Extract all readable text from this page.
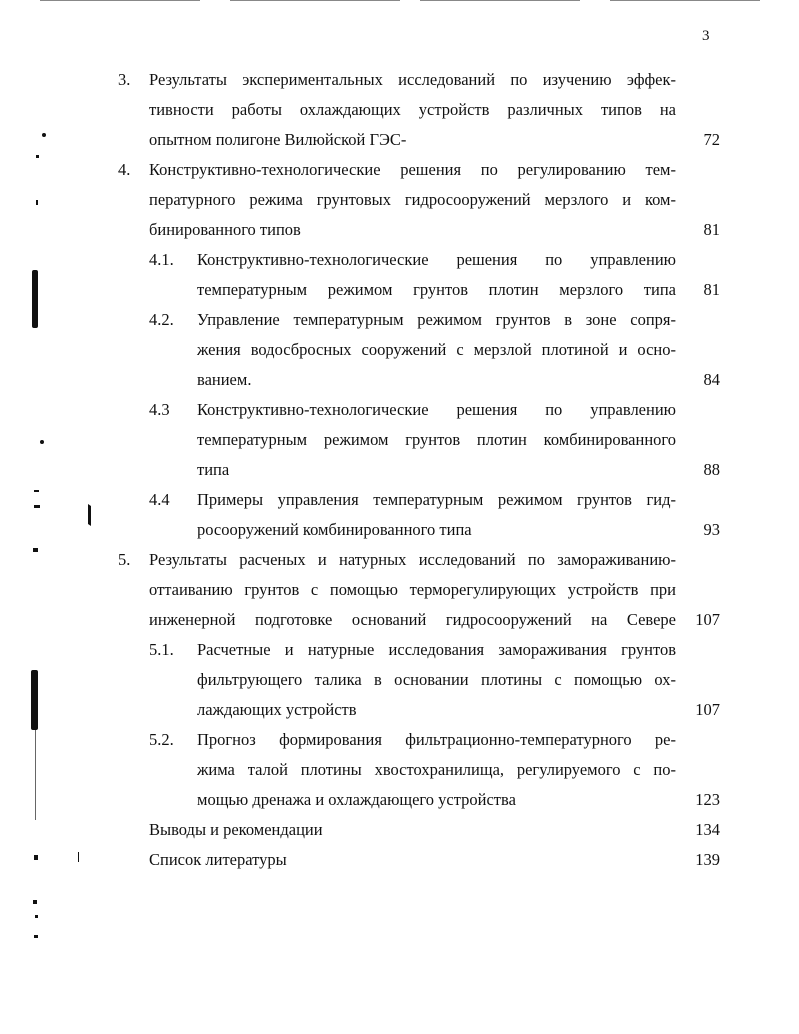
3
3. Результаты экспериментальных исследований по изучению эффек-
тивности работы охлаждающих устройств различных типов на
опытном полигоне Вилюйской ГЭС-	72
4. Конструктивно-технологические решения по регулированию тем-
пературного режима грунтовых гидросооружений мерзлого и ком-
бинированного типов	81
4.1. Конструктивно-технологические решения по управлению
температурным режимом грунтов плотин мерзлого типа 81
4.2. Управление температурным режимом грунтов в зоне сопря-
жения водосбросных сооружений с мерзлой плотиной и осно-
ванием.	84
4.3 Конструктивно-технологические решения по управлению
температурным режимом грунтов плотин комбинированного
типа	88
4.4 Примеры управления температурным режимом грунтов гид-
росооружений комбинированного типа	93
5. Результаты расченых и натурных исследований по замораживанию-
оттаиванию грунтов с помощью терморегулирующих устройств при
инженерной подготовке оснований гидросооружений на Севере 107
5.1. Расчетные и натурные исследования замораживания грунтов
фильтрующего талика в основании плотины с помощью ох-
лаждающих устройств	107
5.2. Прогноз формирования фильтрационно-температурного ре-
жима талой плотины хвостохранилища, регулируемого с по-
мощью дренажа и охлаждающего устройства	123
Выводы и рекомендации	134
Список литературы	139
